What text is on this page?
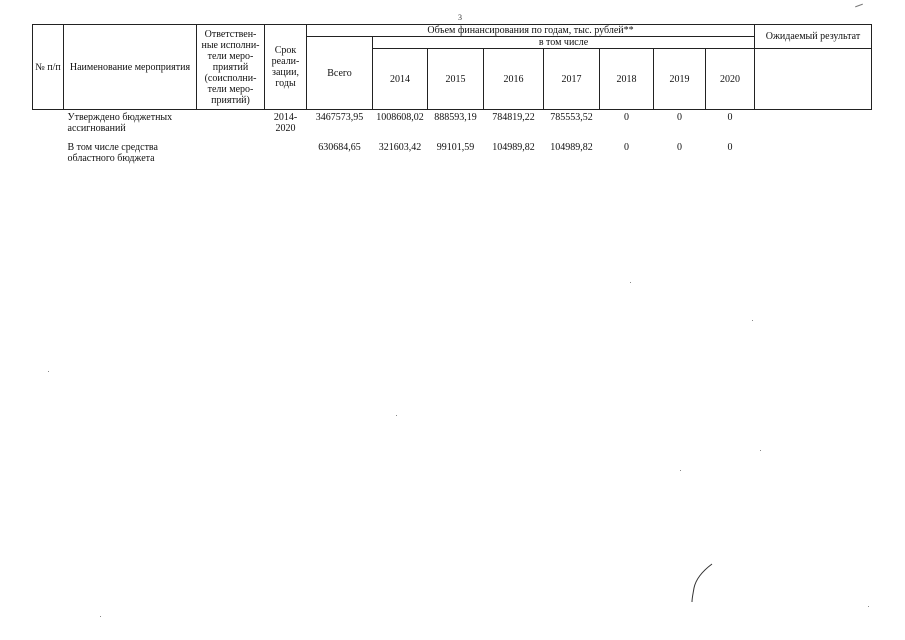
3
№ п/п	Наименование мероприятия	Ответствен- ные исполни- тели меро- приятий (соисполни- тели меро- приятий)	Срок реали- зации, годы	Объем финансирования по годам, тыс. рублей**								Ожидаемый результат
				Всего	в том числе							
					2014	2015	2016	2017	2018	2019	2020	
	Утверждено бюджетных ассигнований		2014- 2020	3467573,95	1008608,02	888593,19	784819,22	785553,52	0	0	0	
	В том числе средства областного бюджета			630684,65	321603,42	99101,59	104989,82	104989,82	0	0	0	
